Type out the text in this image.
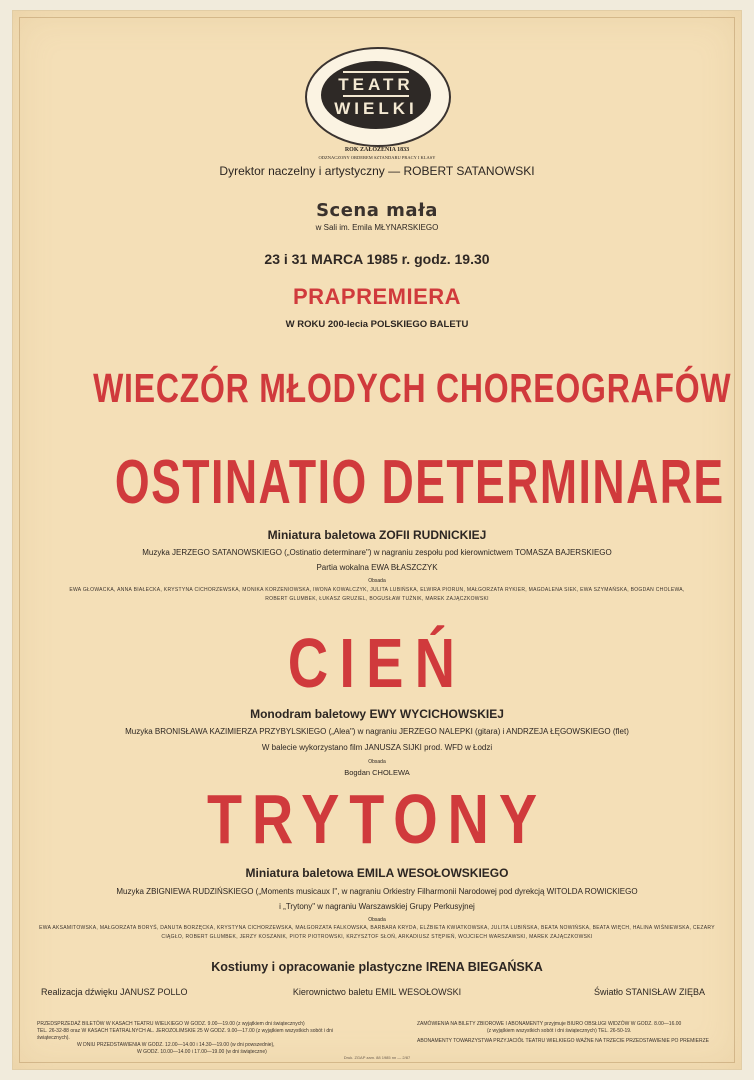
TEATR
WIELKI
ROK ZAŁOŻENIA 1833
ODZNACZONY ORDEREM SZTANDARU PRACY I KLASY
Dyrektor naczelny i artystyczny — ROBERT SATANOWSKI
Scena mała
w Sali im. Emila MŁYNARSKIEGO
23 i 31 MARCA 1985 r. godz. 19.30
PRAPREMIERA
W ROKU 200-lecia POLSKIEGO BALETU
WIECZÓR MŁODYCH CHOREOGRAFÓW
OSTINATIO DETERMINARE
Miniatura baletowa ZOFII RUDNICKIEJ
Muzyka JERZEGO SATANOWSKIEGO („Ostinatio determinare") w nagraniu zespołu pod kierownictwem TOMASZA BAJERSKIEGO
Partia wokalna EWA BŁASZCZYK
Obsada
EWA GŁOWACKA, ANNA BIAŁECKA, KRYSTYNA CICHORZEWSKA, MONIKA KORZENIOWSKA, IWONA KOWALCZYK, JULITA LUBIŃSKA, ELWIRA PIORUN, MAŁGORZATA RYKIER, MAGDALENA SIEK, EWA SZYMAŃSKA, BOGDAN CHOLEWA,
ROBERT GLUMBEK, ŁUKASZ GRUZIEL, BOGUSŁAW TUŻNIK, MAREK ZAJĄCZKOWSKI
CIEŃ
Monodram baletowy EWY WYCICHOWSKIEJ
Muzyka BRONISŁAWA KAZIMIERZA PRZYBYLSKIEGO („Alea") w nagraniu JERZEGO NALEPKI (gitara) i ANDRZEJA ŁĘGOWSKIEGO (flet)
W balecie wykorzystano film JANUSZA SIJKI prod. WFD w Łodzi
Obsada
Bogdan CHOLEWA
TRYTONY
Miniatura baletowa EMILA WESOŁOWSKIEGO
Muzyka ZBIGNIEWA RUDZIŃSKIEGO („Moments musicaux I", w nagraniu Orkiestry Filharmonii Narodowej pod dyrekcją WITOLDA ROWICKIEGO
i „Trytony" w nagraniu Warszawskiej Grupy Perkusyjnej
Obsada
EWA AKSAMITOWSKA, MAŁGORZATA BORYŚ, DANUTA BORZĘCKA, KRYSTYNA CICHORZEWSKA, MAŁGORZATA FALKOWSKA, BARBARA KRYDA, ELŻBIETA KWIATKOWSKA, JULITA LUBIŃSKA, BEATA NOWIŃSKA, BEATA WIĘCH, HALINA WIŚNIEWSKA, CEZARY
CIĄGŁO, ROBERT GLUMBEK, JERZY KOSZANIK, PIOTR PIOTROWSKI, KRZYSZTOF SŁOŃ, ARKADIUSZ STĘPIEŃ, WOJCIECH WARSZAWSKI, MAREK ZAJĄCZKOWSKI
Kostiumy i opracowanie plastyczne IRENA BIEGAŃSKA
Realizacja dźwięku JANUSZ POLLO	Kierownictwo baletu EMIL WESOŁOWSKI	Światło STANISŁAW ZIĘBA
PRZEDSPRZEDAŻ BILETÓW W KASACH TEATRU WIELKIEGO W GODZ. 9.00—19.00 (z wyjątkiem dni świątecznych)
TEL. 26-32-88 oraz W KASACH TEATRALNYCH AL. JEROZOLIMSKIE 25 W GODZ. 9.00—17.00 (z wyjątkiem wszystkich sobót i dni świątecznych).
W DNIU PRZEDSTAWIENIA W GODZ. 12.00—14.00 i 14.30—19.00 (w dni powszednie),
W GODZ. 10.00—14.00 i 17.00—19.00 (w dni świąteczne)
ZAMÓWIENIA NA BILETY ZBIOROWE I ABONAMENTY przyjmuje BIURO OBSŁUGI WIDZÓW W GODZ. 8.00—16.00
(z wyjątkiem wszystkich sobót i dni świątecznych) TEL. 26-50-19.
ABONAMENTY TOWARZYSTWA PRZYJACIÓŁ TEATRU WIELKIEGO WAŻNE NA TRZECIE PRZEDSTAWIENIE PO PREMIERZE
Druk. ZGAP zam. 88 1985 nn — 2/87
